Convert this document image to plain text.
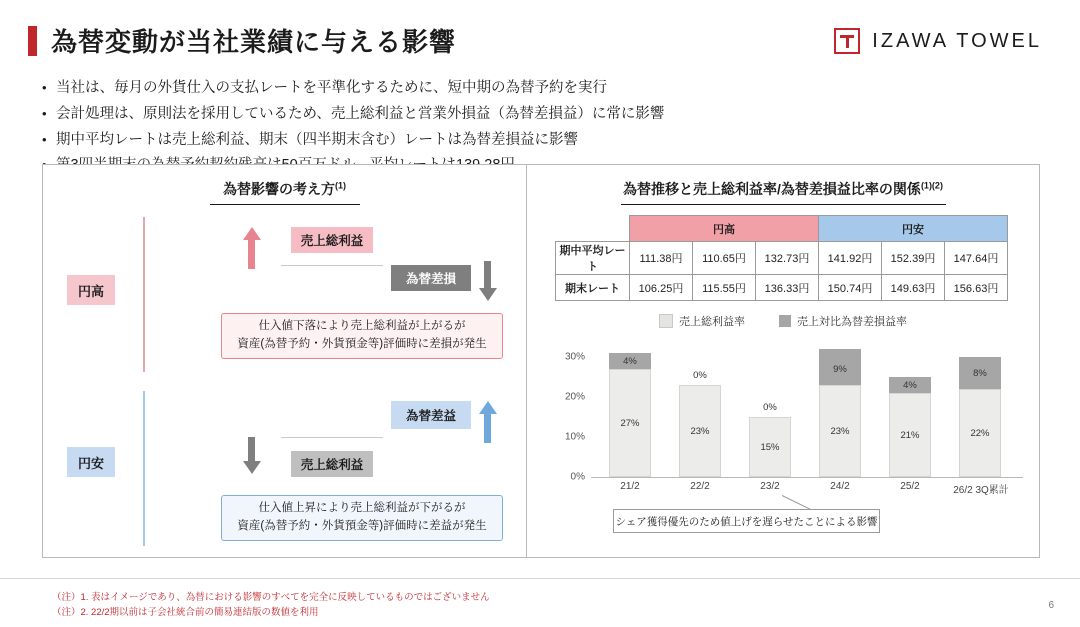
為替変動が当社業績に与える影響	IZAWA TOWEL
• 当社は、毎月の外貨仕入の支払レートを平準化するために、短中期の為替予約を実行
• 会計処理は、原則法を採用しているため、売上総利益と営業外損益（為替差損益）に常に影響
• 期中平均レートは売上総利益、期末（四半期末含む）レートは為替差損益に影響
為替影響の考え方$^{(1)}$
円高
円安
売上総利益
為替差損
仕入値下落により売上総利益が上がるが
資産(為替予約・外貨預金等)評価時に差損が発生
為替差益
売上総利益
仕入値上昇により売上総利益が下がるが
資産(為替予約・外貨預金等)評価時に差益が発生
為替推移と売上総利益率/為替差損益比率の関係$^{(1)(2)}$
	円高			円安		
期中平均レート	111.38円	110.65円	132.73円	141.92円	152.39円	147.64円
期末レート	106.25円	115.55円	136.33円	150.74円	149.63円	156.63円
売上総利益率	売上対比為替差損益率
0%
10%
20%
30%
27%
4%
21/2
23%
0%
22/2
15%
0%
23/2
23%
9%
24/2
21%
4%
25/2
22%
8%
26/2 3Q累計
シェア獲得優先のため値上げを遅らせたことによる影響
（注）1. 表はイメージであり、為替における影響のすべてを完全に反映しているものではございません
（注）2. 22/2期以前は子会社統合前の簡易連結版の数値を利用
6
